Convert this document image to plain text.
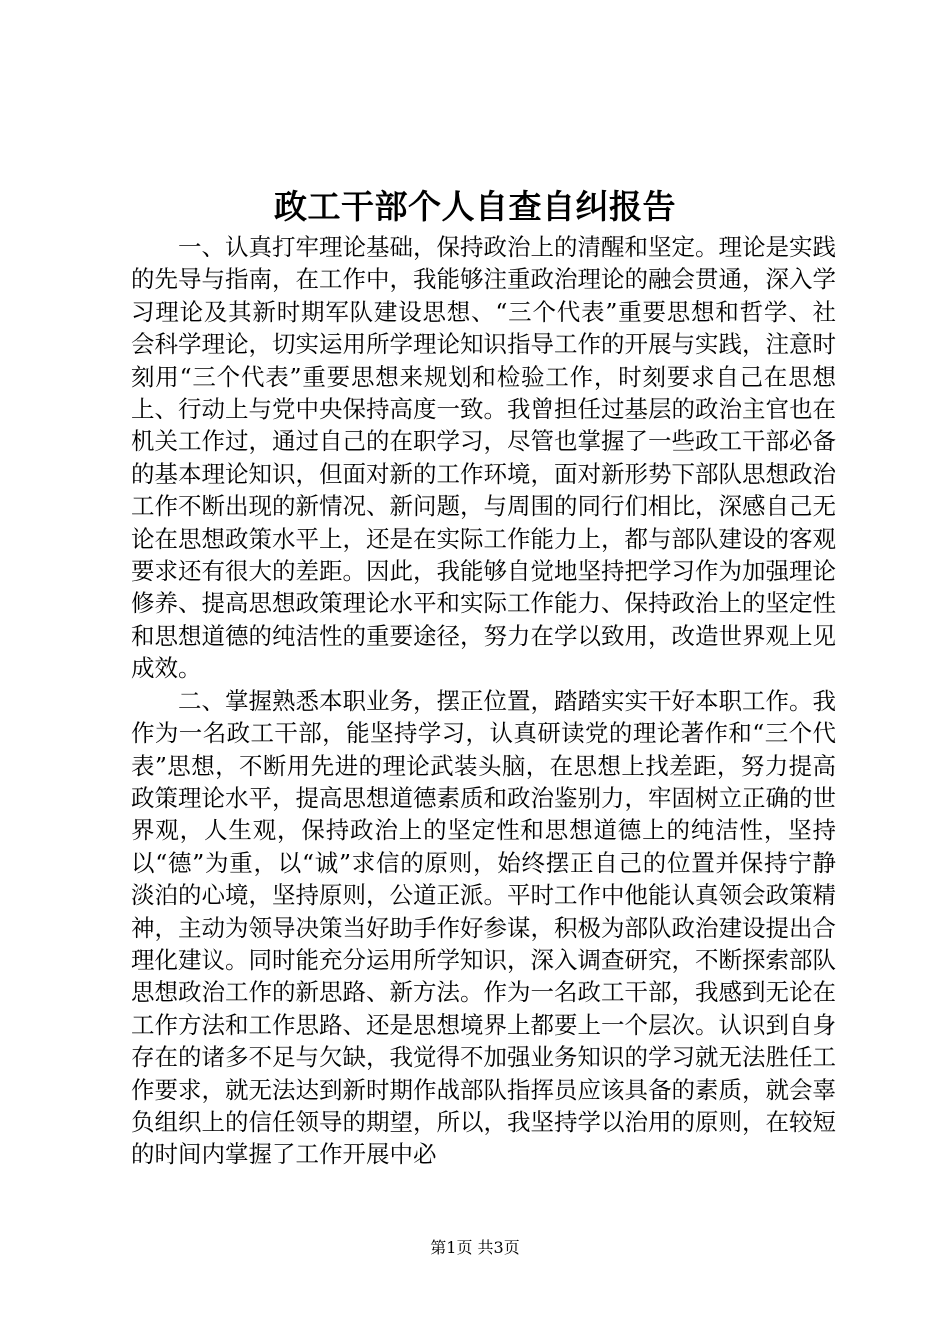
政工干部个人自查自纠报告

一、认真打牢理论基础，保持政治上的清醒和坚定。理论是实践的先导与指南，在工作中，我能够注重政治理论的融会贯通，深入学习理论及其新时期军队建设思想、“三个代表”重要思想和哲学、社会科学理论，切实运用所学理论知识指导工作的开展与实践，注意时刻用“三个代表”重要思想来规划和检验工作，时刻要求自己在思想上、行动上与党中央保持高度一致。我曾担任过基层的政治主官也在机关工作过，通过自己的在职学习，尽管也掌握了一些政工干部必备的基本理论知识，但面对新的工作环境，面对新形势下部队思想政治工作不断出现的新情况、新问题，与周围的同行们相比，深感自己无论在思想政策水平上，还是在实际工作能力上，都与部队建设的客观要求还有很大的差距。因此，我能够自觉地坚持把学习作为加强理论修养、提高思想政策理论水平和实际工作能力、保持政治上的坚定性和思想道德的纯洁性的重要途径，努力在学以致用，改造世界观上见成效。

二、掌握熟悉本职业务，摆正位置，踏踏实实干好本职工作。我作为一名政工干部，能坚持学习，认真研读党的理论著作和“三个代表”思想，不断用先进的理论武装头脑，在思想上找差距，努力提高政策理论水平，提高思想道德素质和政治鉴别力，牢固树立正确的世界观，人生观，保持政治上的坚定性和思想道德上的纯洁性，坚持以“德”为重，以“诚”求信的原则，始终摆正自己的位置并保持宁静淡泊的心境，坚持原则，公道正派。平时工作中他能认真领会政策精神，主动为领导决策当好助手作好参谋，积极为部队政治建设提出合理化建议。同时能充分运用所学知识，深入调查研究，不断探索部队思想政治工作的新思路、新方法。作为一名政工干部，我感到无论在工作方法和工作思路、还是思想境界上都要上一个层次。认识到自身存在的诸多不足与欠缺，我觉得不加强业务知识的学习就无法胜任工作要求，就无法达到新时期作战部队指挥员应该具备的素质，就会辜负组织上的信任领导的期望，所以，我坚持学以治用的原则，在较短的时间内掌握了工作开展中必

第1页 共3页
